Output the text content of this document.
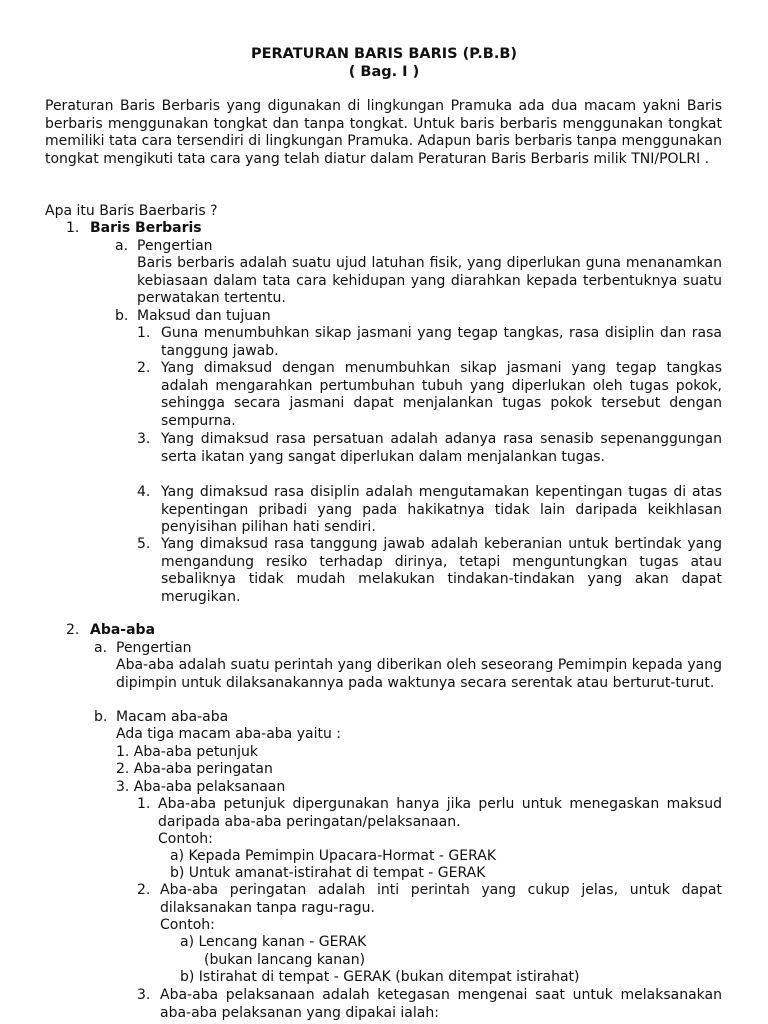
PERATURAN BARIS BARIS (P.B.B)
( Bag. I )
Peraturan Baris Berbaris yang digunakan di lingkungan Pramuka ada dua macam yakni Baris berbaris menggunakan tongkat dan tanpa tongkat. Untuk baris berbaris menggunakan tongkat memiliki tata cara tersendiri di lingkungan Pramuka. Adapun baris berbaris tanpa menggunakan tongkat mengikuti tata cara yang telah diatur dalam Peraturan Baris Berbaris milik TNI/POLRI .
Apa itu Baris Baerbaris ?
1. Baris Berbaris
a. Pengertian
Baris berbaris adalah suatu ujud latuhan fisik, yang diperlukan guna menanamkan kebiasaan dalam tata cara kehidupan yang diarahkan kepada terbentuknya suatu perwatakan tertentu.
b. Maksud dan tujuan
1. Guna menumbuhkan sikap jasmani yang tegap tangkas, rasa disiplin dan rasa tanggung jawab.
2. Yang dimaksud dengan menumbuhkan sikap jasmani yang tegap tangkas adalah mengarahkan pertumbuhan tubuh yang diperlukan oleh tugas pokok, sehingga secara jasmani dapat menjalankan tugas pokok tersebut dengan sempurna.
3. Yang dimaksud rasa persatuan adalah adanya rasa senasib sepenanggungan serta ikatan yang sangat diperlukan dalam menjalankan tugas.
4. Yang dimaksud rasa disiplin adalah mengutamakan kepentingan tugas di atas kepentingan pribadi yang pada hakikatnya tidak lain daripada keikhlasan penyisihan pilihan hati sendiri.
5. Yang dimaksud rasa tanggung jawab adalah keberanian untuk bertindak yang mengandung resiko terhadap dirinya, tetapi menguntungkan tugas atau sebaliknya tidak mudah melakukan tindakan-tindakan yang akan dapat merugikan.
2. Aba-aba
a. Pengertian
Aba-aba adalah suatu perintah yang diberikan oleh seseorang Pemimpin kepada yang dipimpin untuk dilaksanakannya pada waktunya secara serentak atau berturut-turut.
b. Macam aba-aba
Ada tiga macam aba-aba yaitu :
1. Aba-aba petunjuk
2. Aba-aba peringatan
3. Aba-aba pelaksanaan
1. Aba-aba petunjuk dipergunakan hanya jika perlu untuk menegaskan maksud daripada aba-aba peringatan/pelaksanaan.
Contoh:
a) Kepada Pemimpin Upacara-Hormat - GERAK
b) Untuk amanat-istirahat di tempat - GERAK
2. Aba-aba peringatan adalah inti perintah yang cukup jelas, untuk dapat dilaksanakan tanpa ragu-ragu.
Contoh:
a) Lencang kanan - GERAK
(bukan lancang kanan)
b) Istirahat di tempat - GERAK (bukan ditempat istirahat)
3. Aba-aba pelaksanaan adalah ketegasan mengenai saat untuk melaksanakan aba-aba pelaksanan yang dipakai ialah:
